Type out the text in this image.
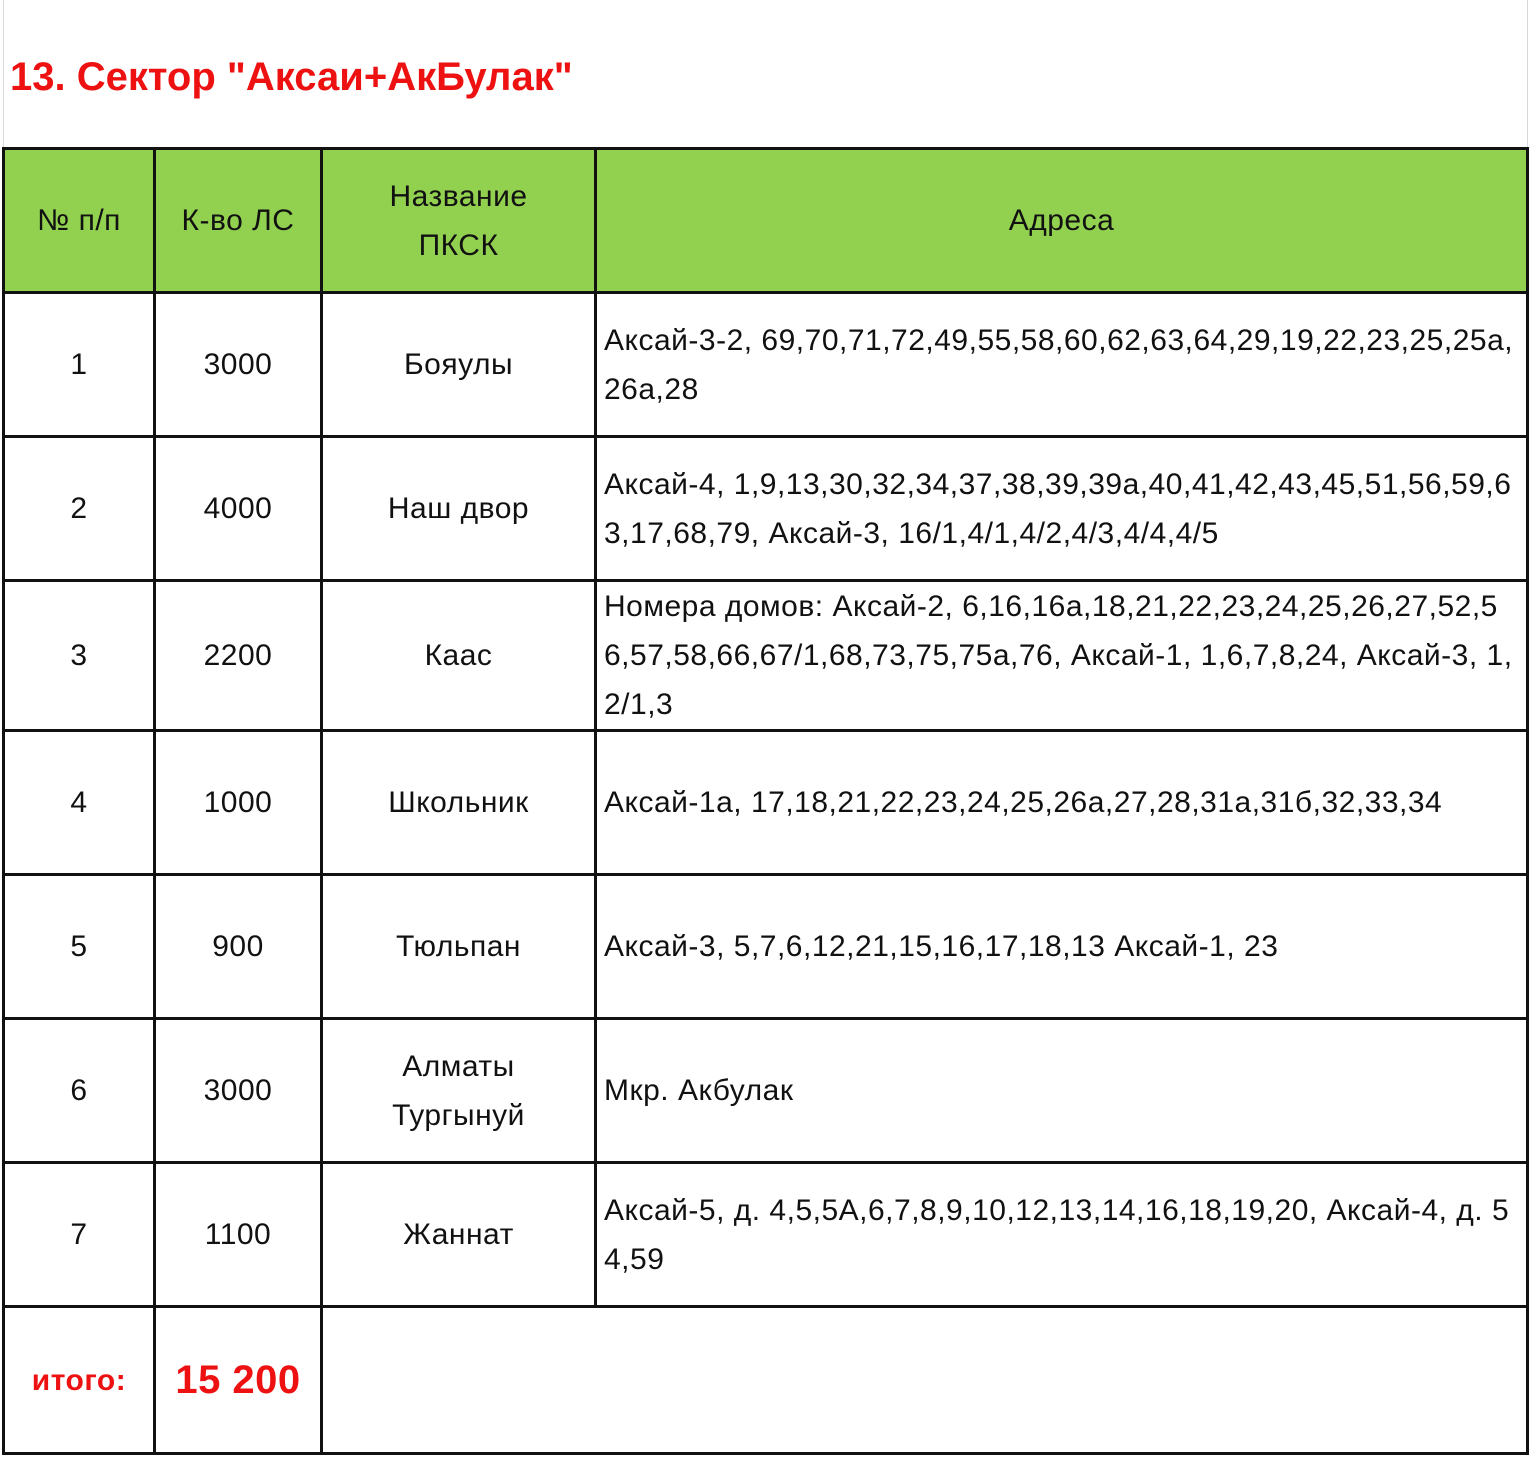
13. Сектор "Аксаи+АкБулак"
№ п/п	К-во ЛС	Название ПКСК	Адреса
1	3000	Бояулы	Аксай-3-2, 69,70,71,72,49,55,58,60,62,63,64,29,19,22,23,25,25а,26а,28
2	4000	Наш двор	Аксай-4, 1,9,13,30,32,34,37,38,39,39а,40,41,42,43,45,51,56,59,63,17,68,79, Аксай-3, 16/1,4/1,4/2,4/3,4/4,4/5
3	2200	Каас	Номера домов: Аксай-2, 6,16,16а,18,21,22,23,24,25,26,27,52,56,57,58,66,67/1,68,73,75,75а,76, Аксай-1, 1,6,7,8,24, Аксай-3, 1,2/1,3
4	1000	Школьник	Аксай-1а, 17,18,21,22,23,24,25,26а,27,28,31а,31б,32,33,34
5	900	Тюльпан	Аксай-3, 5,7,6,12,21,15,16,17,18,13 Аксай-1, 23
6	3000	Алматы Тургынуй	Мкр. Акбулак
7	1100	Жаннат	Аксай-5, д. 4,5,5А,6,7,8,9,10,12,13,14,16,18,19,20, Аксай-4, д. 54,59
итого:	15 200		
